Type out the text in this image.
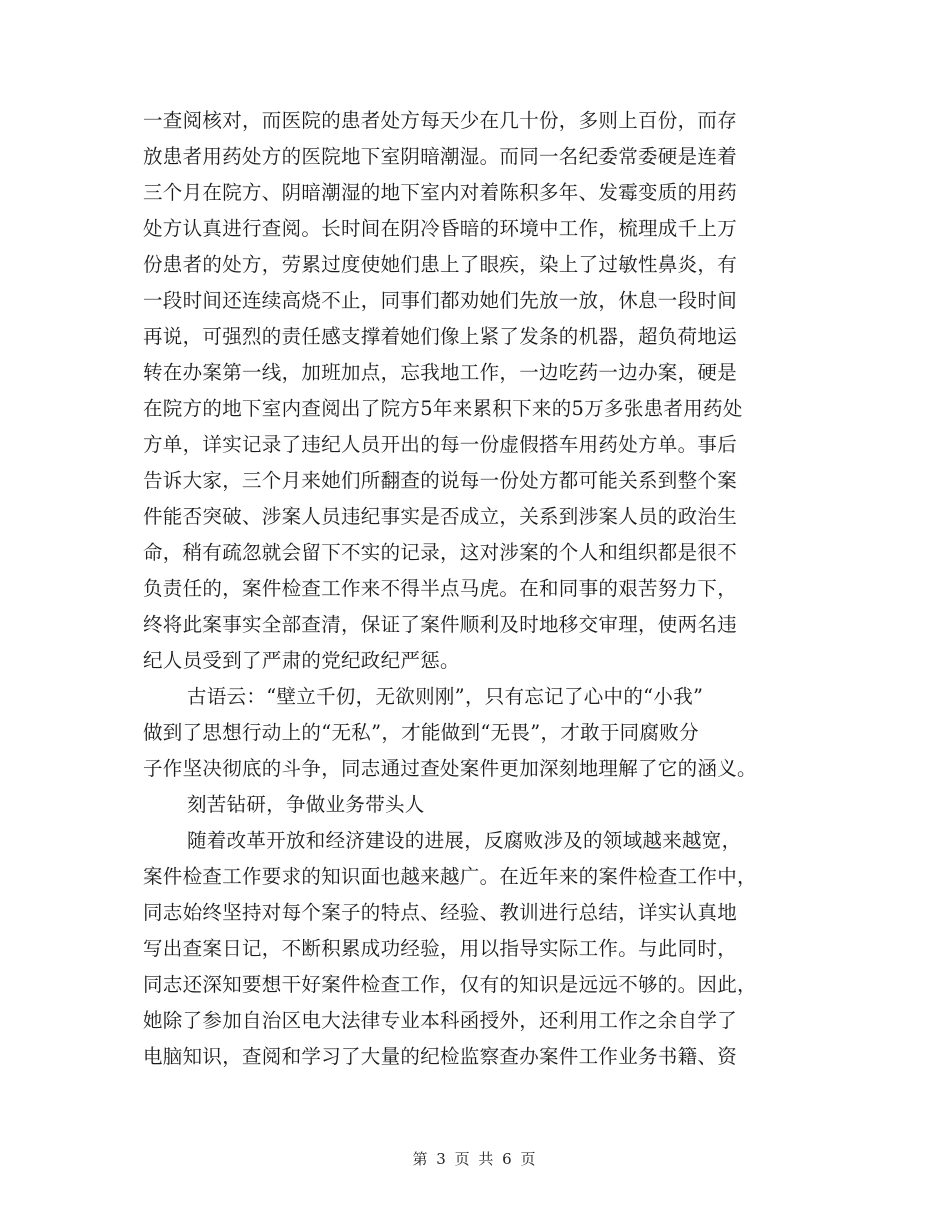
一查阅核对，而医院的患者处方每天少在几十份，多则上百份，而存
放患者用药处方的医院地下室阴暗潮湿。而同一名纪委常委硬是连着
三个月在院方、阴暗潮湿的地下室内对着陈积多年、发霉变质的用药
处方认真进行查阅。长时间在阴冷昏暗的环境中工作，梳理成千上万
份患者的处方，劳累过度使她们患上了眼疾，染上了过敏性鼻炎，有
一段时间还连续高烧不止，同事们都劝她们先放一放，休息一段时间
再说，可强烈的责任感支撑着她们像上紧了发条的机器，超负荷地运
转在办案第一线，加班加点，忘我地工作，一边吃药一边办案，硬是
在院方的地下室内查阅出了院方5年来累积下来的5万多张患者用药处
方单，详实记录了违纪人员开出的每一份虚假搭车用药处方单。事后
告诉大家，三个月来她们所翻查的说每一份处方都可能关系到整个案
件能否突破、涉案人员违纪事实是否成立，关系到涉案人员的政治生
命，稍有疏忽就会留下不实的记录，这对涉案的个人和组织都是很不
负责任的，案件检查工作来不得半点马虎。在和同事的艰苦努力下，
终将此案事实全部查清，保证了案件顺利及时地移交审理，使两名违
纪人员受到了严肃的党纪政纪严惩。
古语云：“壁立千仞，无欲则刚”，只有忘记了心中的“小我”
做到了思想行动上的“无私”，才能做到“无畏”，才敢于同腐败分
子作坚决彻底的斗争，同志通过查处案件更加深刻地理解了它的涵义。
刻苦钻研，争做业务带头人
随着改革开放和经济建设的进展，反腐败涉及的领域越来越宽，
案件检查工作要求的知识面也越来越广。在近年来的案件检查工作中，
同志始终坚持对每个案子的特点、经验、教训进行总结，详实认真地
写出查案日记，不断积累成功经验，用以指导实际工作。与此同时，
同志还深知要想干好案件检查工作，仅有的知识是远远不够的。因此，
她除了参加自治区电大法律专业本科函授外，还利用工作之余自学了
电脑知识，查阅和学习了大量的纪检监察查办案件工作业务书籍、资
第 3 页 共 6 页
